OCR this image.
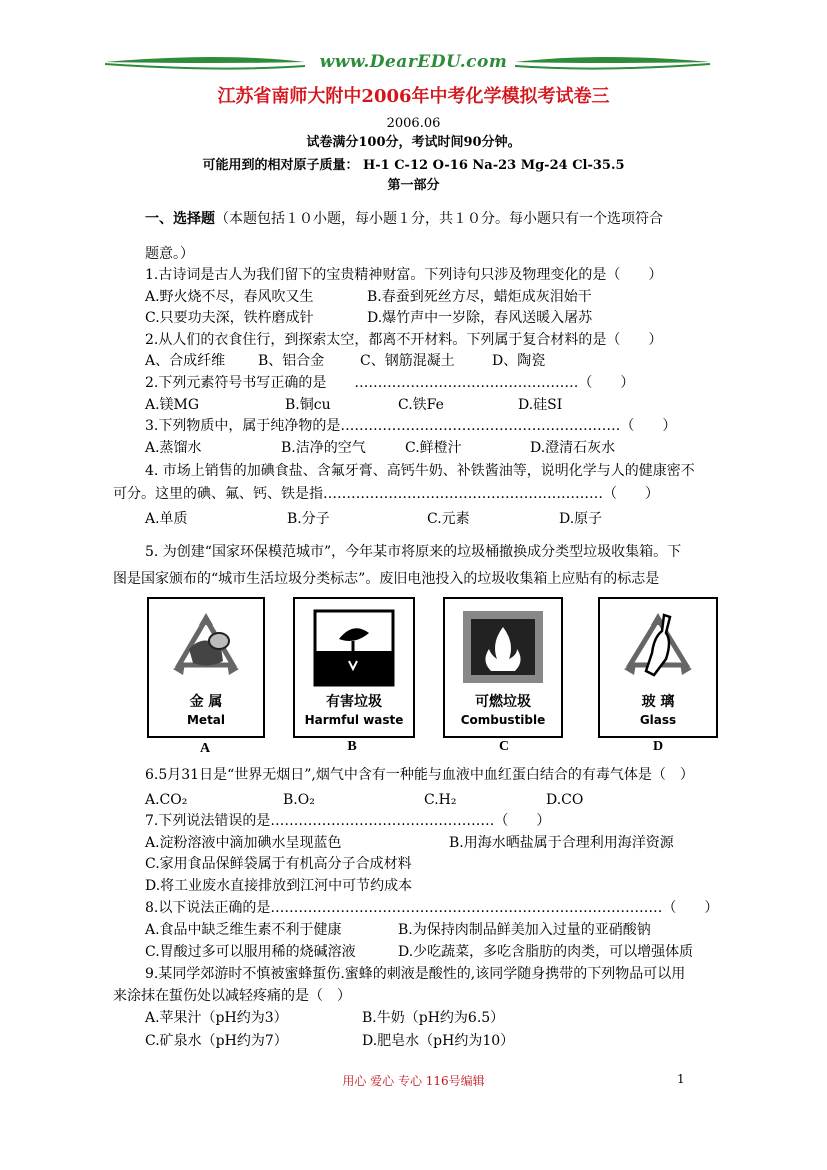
www.DearEDU.com
江苏省南师大附中2006年中考化学模拟考试卷三
2006.06
试卷满分100分，考试时间90分钟。
可能用到的相对原子质量： H-1 C-12 O-16 Na-23 Mg-24 Cl-35.5
第一部分
一、选择题（本题包括１０小题，每小题１分，共１０分。每小题只有一个选项符合
题意。）
1.古诗词是古人为我们留下的宝贵精神财富。下列诗句只涉及物理变化的是（　　）
A.野火烧不尽，春风吹又生	B.春蚕到死丝方尽，蜡炬成灰泪始干
C.只要功夫深，铁杵磨成针	D.爆竹声中一岁除，春风送暖入屠苏
2.从人们的衣食住行，到探索太空，都离不开材料。下列属于复合材料的是（　　）
A、合成纤维 B、铝合金	C、钢筋混凝土	D、陶瓷
2.下列元素符号书写正确的是　　…………………………………………（　　）
A.镁MG	B.铜cu	C.铁Fe	D.硅SI
3.下列物质中，属于纯净物的是……………………………………………………（　　）
A.蒸馏水	B.洁净的空气	C.鲜橙汁	D.澄清石灰水
4. 市场上销售的加碘食盐、含氟牙膏、高钙牛奶、补铁酱油等，说明化学与人的健康密不
可分。这里的碘、氟、钙、铁是指……………………………………………………（　　）
A.单质	B.分子	C.元素	D.原子
5. 为创建“国家环保模范城市”，今年某市将原来的垃圾桶撤换成分类型垃圾收集箱。下
图是国家颁布的“城市生活垃圾分类标志”。废旧电池投入的垃圾收集箱上应贴有的标志是
金 属
Metal
有害垃圾
Harmful waste
可燃垃圾
Combustible
玻 璃
Glass
A	B	C	D
6.5月31日是“世界无烟日”,烟气中含有一种能与血液中血红蛋白结合的有毒气体是（　）
A.CO₂	B.O₂	C.H₂	D.CO
7.下列说法错误的是…………………………………………（　　）
A.淀粉溶液中滴加碘水呈现蓝色	B.用海水晒盐属于合理利用海洋资源
C.家用食品保鲜袋属于有机高分子合成材料
D.将工业废水直接排放到江河中可节约成本
8.以下说法正确的是…………………………………………………………………………（　　）
A.食品中缺乏维生素不利于健康	B.为保持肉制品鲜美加入过量的亚硝酸钠
C.胃酸过多可以服用稀的烧碱溶液	D.少吃蔬菜，多吃含脂肪的肉类，可以增强体质
9.某同学郊游时不慎被蜜蜂蜇伤.蜜蜂的刺液是酸性的,该同学随身携带的下列物品可以用
来涂抹在蜇伤处以减轻疼痛的是（　）
A.苹果汁（pH约为3）	B.牛奶（pH约为6.5）
C.矿泉水（pH约为7）	D.肥皂水（pH约为10）
用心 爱心 专心 116号编辑	1
